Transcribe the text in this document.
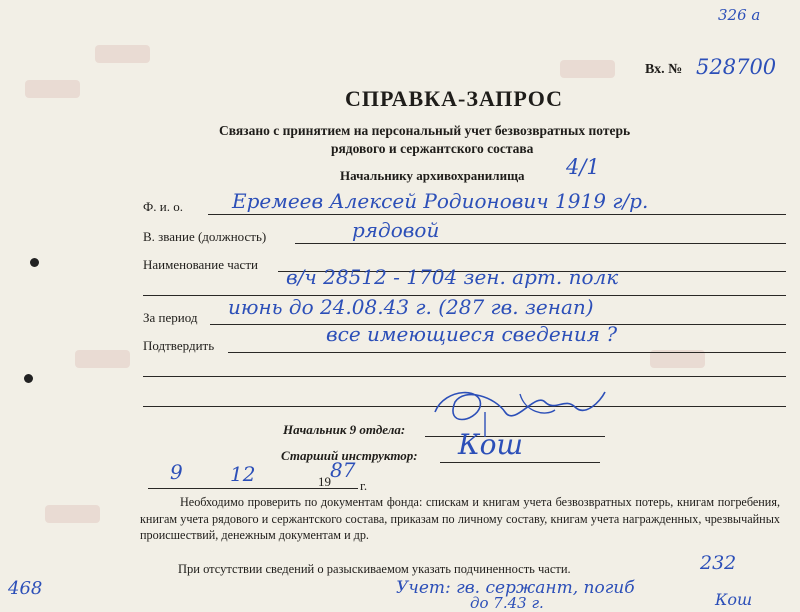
326 а
Вх. № 528700
СПРАВКА-ЗАПРОС
Связано с принятием на персональный учет безвозвратных потерь
рядового и сержантского состава
Начальнику архивохранилища 4/1
Ф. и. о. Еремеев Алексей Родионович 1919 г/р.
В. звание (должность)	рядовой
Наименование части
в/ч 28512 - 1704 зен. арт. полк
За период июнь до 24.08.43 г. (287 гв. зенап)
Подтвердить	все имеющиеся сведения ?
Начальник 9 отдела:
Старший инструктор: Кош
9 12	19 87
г.

Необходимо проверить по документам фонда: спискам и книгам учета безвозвратных потерь, книгам погребения, книгам учета рядового и сержантского состава, приказам по личному составу, книгам учета награжденных, чрезвычайных происшествий, денежным документам и др.

При отсутствии сведений о разыскиваемом указать подчиненность части.	232
Учет: гв. сержант, погиб
до 7.43 г.	Кош
468
